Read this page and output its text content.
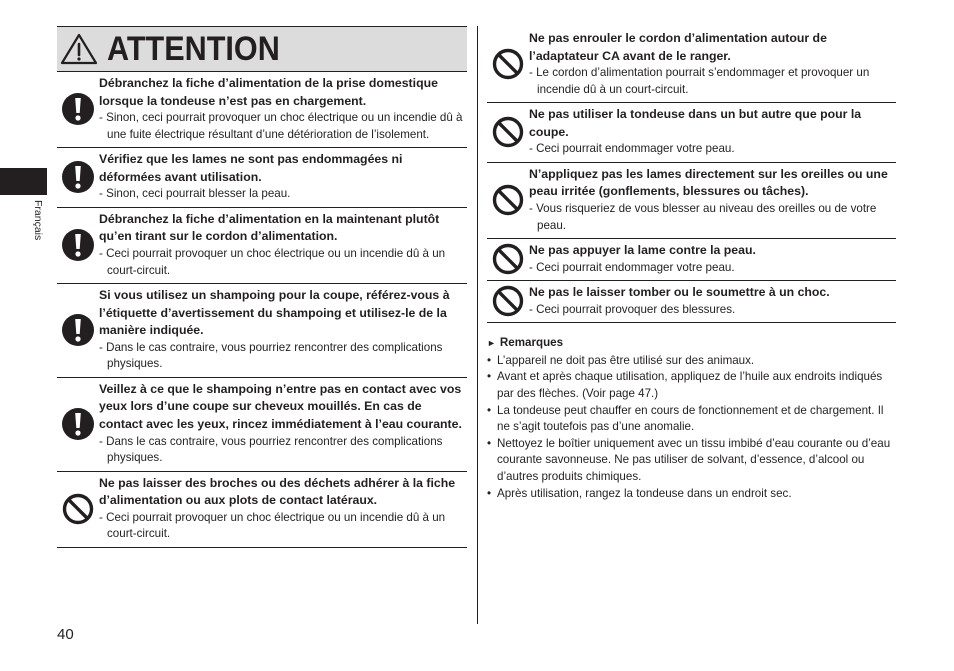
Français
40
ATTENTION
Débranchez la fiche d’alimentation de la prise domestique lorsque la tondeuse n’est pas en chargement.
- Sinon, ceci pourrait provoquer un choc électrique ou un incendie dû à une fuite électrique résultant d’une détérioration de l’isolement.
Vérifiez que les lames ne sont pas endommagées ni déformées avant utilisation.
- Sinon, ceci pourrait blesser la peau.
Débranchez la fiche d’alimentation en la maintenant plutôt qu’en tirant sur le cordon d’alimentation.
- Ceci pourrait provoquer un choc électrique ou un incendie dû à un court-circuit.
Si vous utilisez un shampoing pour la coupe, référez-vous à l’étiquette d’avertissement du shampoing et utilisez-le de la manière indiquée.
- Dans le cas contraire, vous pourriez rencontrer des complications physiques.
Veillez à ce que le shampoing n’entre pas en contact avec vos yeux lors d’une coupe sur cheveux mouillés. En cas de contact avec les yeux, rincez immédiatement à l’eau courante.
- Dans le cas contraire, vous pourriez rencontrer des complications physiques.
Ne pas laisser des broches ou des déchets adhérer à la fiche d’alimentation ou aux plots de contact latéraux.
- Ceci pourrait provoquer un choc électrique ou un incendie dû à un court-circuit.
Ne pas enrouler le cordon d’alimentation autour de l’adaptateur CA avant de le ranger.
- Le cordon d’alimentation pourrait s’endommager et provoquer un incendie dû à un court-circuit.
Ne pas utiliser la tondeuse dans un but autre que pour la coupe.
- Ceci pourrait endommager votre peau.
N’appliquez pas les lames directement sur les oreilles ou une peau irritée (gonflements, blessures ou tâches).
- Vous risqueriez de vous blesser au niveau des oreilles ou de votre peau.
Ne pas appuyer la lame contre la peau.
- Ceci pourrait endommager votre peau.
Ne pas le laisser tomber ou le soumettre à un choc.
- Ceci pourrait provoquer des blessures.
► Remarques
• L’appareil ne doit pas être utilisé sur des animaux.
• Avant et après chaque utilisation, appliquez de l’huile aux endroits indiqués par des flèches. (Voir page 47.)
• La tondeuse peut chauffer en cours de fonctionnement et de chargement. Il ne s’agit toutefois pas d’une anomalie.
• Nettoyez le boîtier uniquement avec un tissu imbibé d’eau courante ou d’eau courante savonneuse. Ne pas utiliser de solvant, d’essence, d’alcool ou d’autres produits chimiques.
• Après utilisation, rangez la tondeuse dans un endroit sec.
